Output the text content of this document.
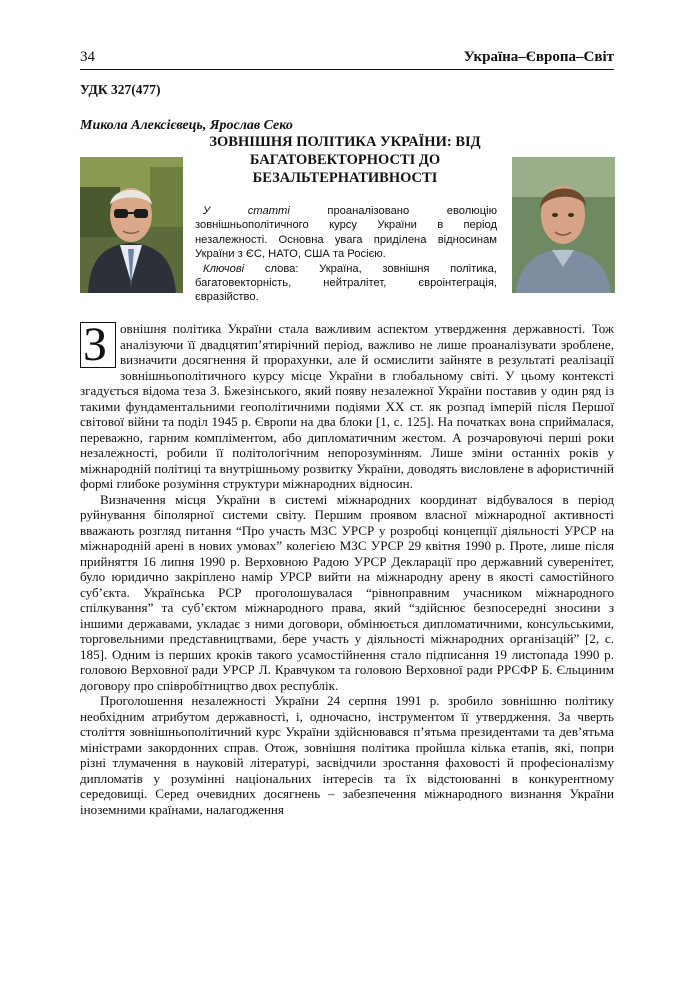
34	Україна–Європа–Світ
УДК 327(477)
Микола Алексієвець, Ярослав Секо
ЗОВНІШНЯ ПОЛІТИКА УКРАЇНИ: ВІД БАГАТОВЕКТОРНОСТІ ДО БЕЗАЛЬТЕРНАТИВНОСТІ

У статті	проаналізовано еволюцію зовнішньополітичного курсу України в період незалежності. Основна увага приділена відносинам України з ЄС, НАТО, США та Росією.

Ключові слова: Україна, зовнішня політика, багатовекторність, нейтралітет, євроінтеграція, євразійство.

З овнішня політика України стала важливим аспектом утвердження державності. Тож аналізуючи її двадцятип’ятирічний період, важливо не лише проаналізувати зроблене, визначити досягнення й прорахунки, але й осмислити зайняте в результаті реалізації зовнішньополітичного курсу місце України в глобальному світі. У цьому контексті згадується відома теза З. Бжезінського, який появу незалежної України поставив у один ряд із такими фундаментальними геополітичними подіями ХХ ст. як розпад імперій після Першої світової війни та поділ 1945 р. Європи на два блоки [1, с. 125]. На початках вона сприймалася, переважно, гарним компліментом, або дипломатичним жестом. А розчаровуючі перші роки незалежності, робили її політологічним непорозумінням. Лише зміни останніх років у міжнародній політиці та внутрішньому розвитку України, доводять висловлене в афористичній формі глибоке розуміння структури міжнародних відносин.

Визначення місця України в системі міжнародних координат відбувалося в період руйнування біполярної системи світу. Першим проявом власної міжнародної активності вважають розгляд питання “Про участь МЗС УРСР у розробці концепції діяльності УРСР на міжнародній арені в нових умовах” колегією МЗС УРСР 29 квітня 1990 р. Проте, лише після прийняття 16 липня 1990 р. Верховною Радою УРСР Декларації про державний суверенітет, було юридично закріплено намір УРСР вийти на міжнародну арену в якості самостійного суб’єкта. Українська РСР проголошувалася “рівноправним учасником міжнародного спілкування” та суб’єктом міжнародного права, який “здійснює безпосередні зносини з іншими державами, укладає з ними договори, обмінюється дипломатичними, консульськими, торговельними представництвами, бере участь у діяльності міжнародних організацій” [2, с. 185]. Одним із перших кроків такого усамостійнення стало підписання 19 листопада 1990 р. головою Верховної ради УРСР Л. Кравчуком та головою Верховної ради РРСФР Б. Єльциним договору про співробітництво двох республік.

Проголошення незалежності України 24 серпня 1991 р. зробило зовнішню політику необхідним атрибутом державності, і, одночасно, інструментом її утвердження. За чверть століття зовнішньополітичний курс України здійснювався п’ятьма президентами та дев’ятьма міністрами закордонних справ. Отож, зовнішня політика пройшла кілька етапів, які, попри різні тлумачення в науковій літературі, засвідчили зростання фаховості й професіоналізму дипломатів у розумінні національних інтересів та їх відстоюванні в конкурентному середовищі. Серед очевидних досягнень – забезпечення міжнародного визнання України іноземними країнами, налагодження
